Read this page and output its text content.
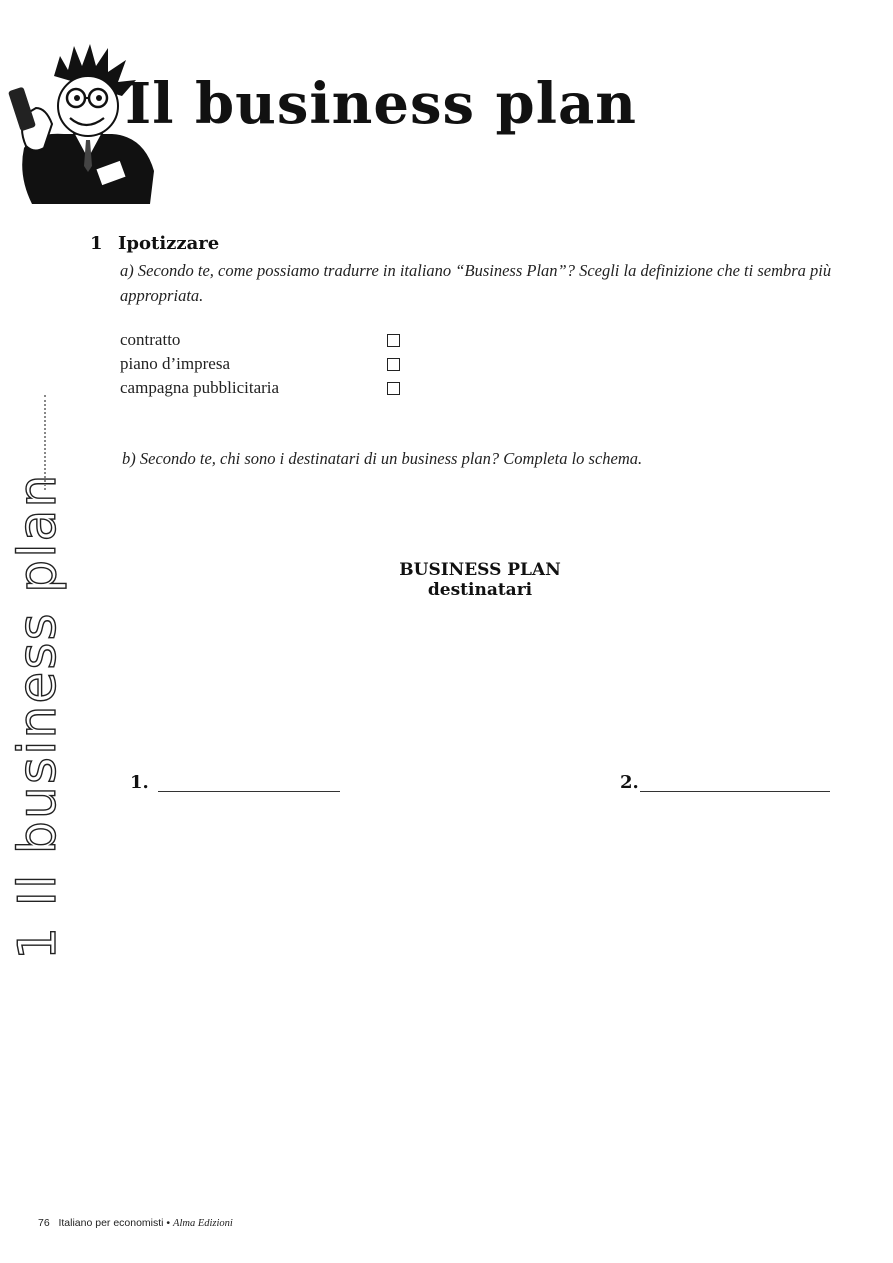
Il business plan
1 Il business plan
1 Ipotizzare
a) Secondo te, come possiamo tradurre in italiano “Business Plan”? Scegli la definizione che ti sembra più appropriata.
contratto
piano d’impresa
campagna pubblicitaria
b) Secondo te, chi sono i destinatari di un business plan? Completa lo schema.
BUSINESS PLAN
destinatari
1.	2.
76 Italiano per economisti • Alma Edizioni
